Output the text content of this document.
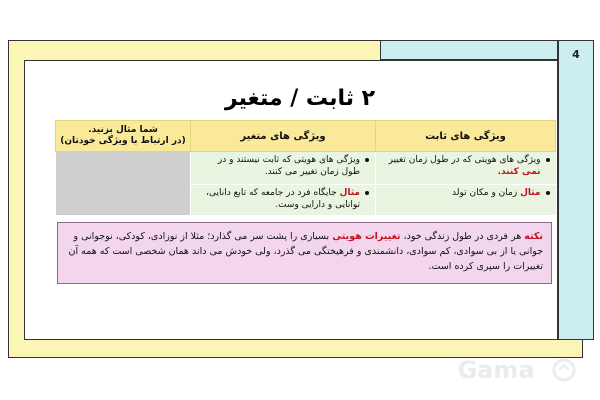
4
۲ ثابت / متغیر
ویژگی های ثابت	ویژگی های متغیر	شما مثال بزنید.
(در ارتباط با ویژگی خودتان)

ویژگی های هویتی که در طول زمان تغییر نمی کنند.	ویژگی های هویتی که ثابت نیستند و در طول زمان تغییر می کنند.	

مثال زمان و مکان تولد	مثال جایگاه فرد در جامعه که تابع دانایی، توانایی و دارایی وست.	
نکته هر فردی در طول زندگی خود، تغییرات هویتی بسیاری را پشت سر می گذارد؛ مثلا از نوزادی، کودکی، نوجوانی و جوانی یا از بی سوادی، کم سوادی، دانشمندی و فرهیختگی می گذرد، ولی خودش می داند همان شخصی است که همه آن تغییرات را سپری کرده است.
Gama
